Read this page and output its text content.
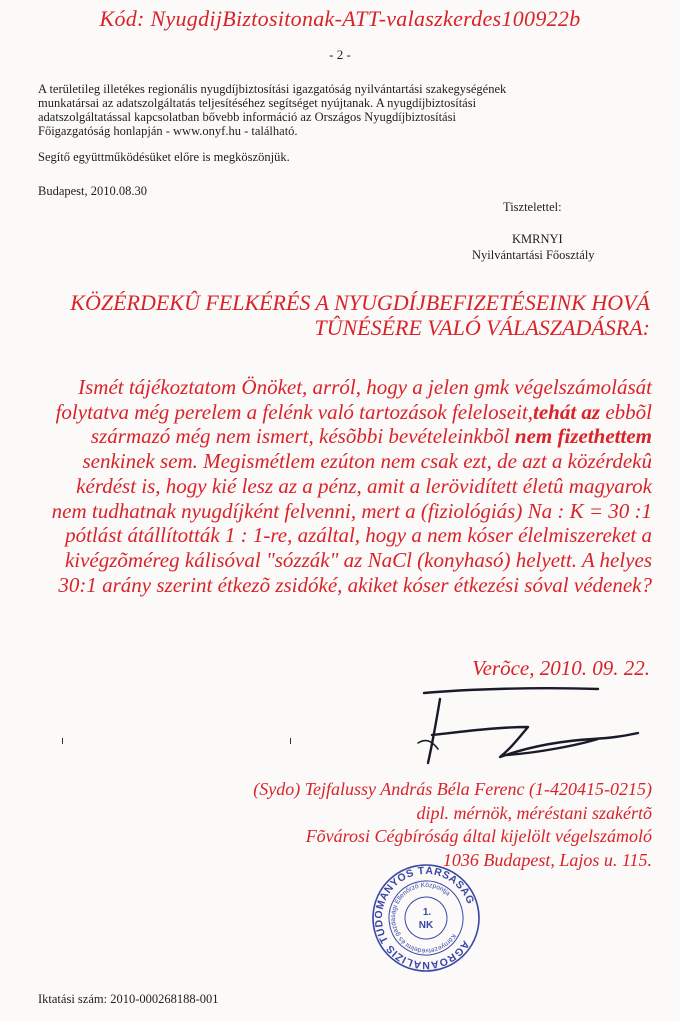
Kód: NyugdijBiztositonak-ATT-valaszkerdes100922b
- 2 -
A területileg illetékes regionális nyugdíjbiztosítási igazgatóság nyilvántartási szakegységének
munkatársai az adatszolgáltatás teljesítéséhez segítséget nyújtanak. A nyugdíjbiztosítási
adatszolgáltatással kapcsolatban bővebb információ az Országos Nyugdíjbiztosítási
Főigazgatóság honlapján - www.onyf.hu - található.
Segítő együttműködésüket előre is megköszönjük.
Budapest, 2010.08.30
Tisztelettel:
KMRNYI
Nyilvántartási Főosztály
KÖZÉRDEKÛ FELKÉRÉS A NYUGDÍJBEFIZETÉSEINK HOVÁ
TÛNÉSÉRE VALÓ VÁLASZADÁSRA:
Ismét tájékoztatom Önöket, arról, hogy a jelen gmk végelszámolását
folytatva még perelem a felénk való tartozások feleloseit,tehát az ebbõl
származó még nem ismert, késõbbi bevételeinkbõl nem fizethettem
senkinek sem. Megismétlem ezúton nem csak ezt, de azt a közérdekû
kérdést is, hogy kié lesz az a pénz, amit a lerövidített életû magyarok
nem tudhatnak nyugdíjként felvenni, mert a (fiziológiás) Na : K = 30 :1
pótlást átállították 1 : 1-re, azáltal, hogy a nem kóser élelmiszereket a
kivégzõméreg kálisóval "sózzák" az NaCl (konyhasó) helyett. A helyes
30:1 arány szerint étkezõ zsidóké, akiket kóser étkezési sóval védenek?
Verõce, 2010. 09. 22.
(Sydo) Tejfalussy András Béla Ferenc (1-420415-0215)
dipl. mérnök, méréstani szakértõ
Fõvárosi Cégbíróság által kijelölt végelszámoló
1036 Budapest, Lajos u. 115.
AGROANALIZIS TUDOMÁNYOS TÁRSASÁG
Környezetvédelmi és gazdasági Ellenőrző Központja
1.
NK
Iktatási szám: 2010-000268188-001
